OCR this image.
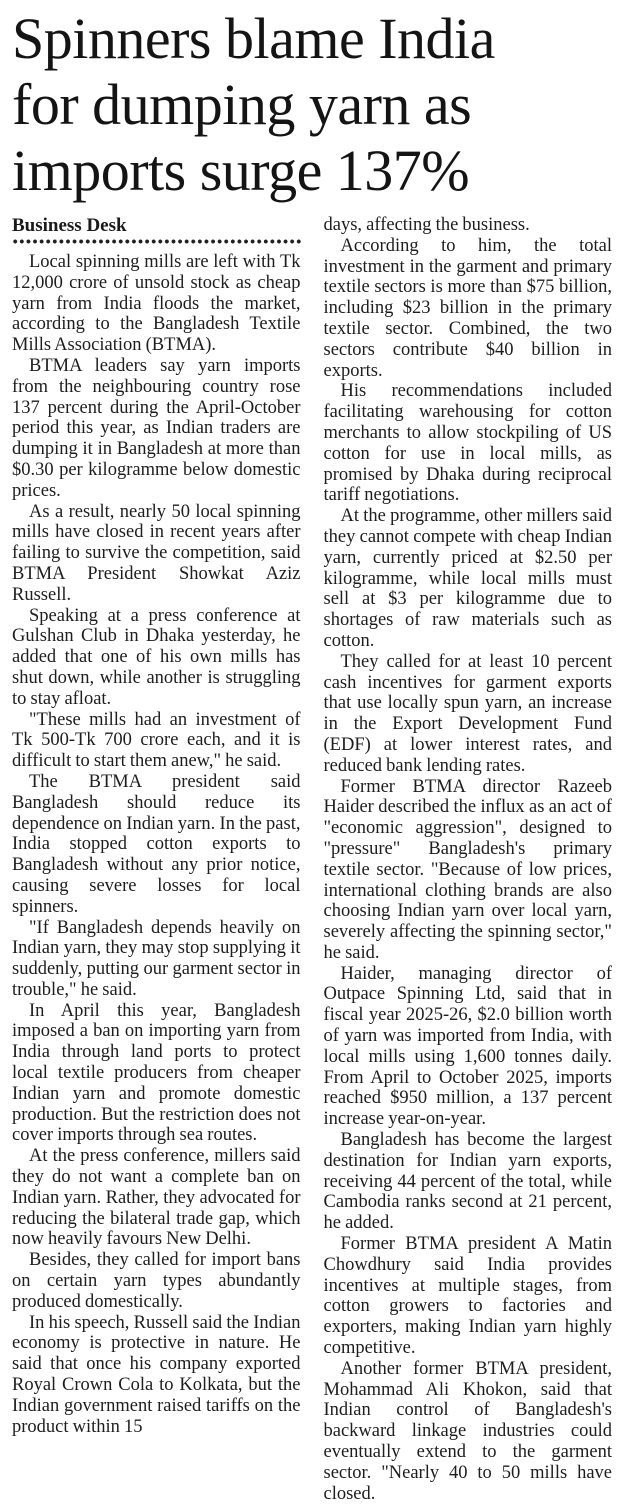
Spinners blame India
for dumping yarn as
imports surge 137%
Business Desk

Local spinning mills are left with Tk 12,000 crore of unsold stock as cheap yarn from India floods the market, according to the Bangladesh Textile Mills Association (BTMA).

BTMA leaders say yarn imports from the neighbouring country rose 137 percent during the April-October period this year, as Indian traders are dumping it in Bangladesh at more than $0.30 per kilogramme below domestic prices.

As a result, nearly 50 local spinning mills have closed in recent years after failing to survive the competition, said BTMA President Showkat Aziz Russell.

Speaking at a press conference at Gulshan Club in Dhaka yesterday, he added that one of his own mills has shut down, while another is struggling to stay afloat.

"These mills had an investment of Tk 500-Tk 700 crore each, and it is difficult to start them anew," he said.

The BTMA president said Bangladesh should reduce its dependence on Indian yarn. In the past, India stopped cotton exports to Bangladesh without any prior notice, causing severe losses for local spinners.

"If Bangladesh depends heavily on Indian yarn, they may stop supplying it suddenly, putting our garment sector in trouble," he said.

In April this year, Bangladesh imposed a ban on importing yarn from India through land ports to protect local textile producers from cheaper Indian yarn and promote domestic production. But the restriction does not cover imports through sea routes.

At the press conference, millers said they do not want a complete ban on Indian yarn. Rather, they advocated for reducing the bilateral trade gap, which now heavily favours New Delhi.

Besides, they called for import bans on certain yarn types abundantly produced domestically.

In his speech, Russell said the Indian economy is protective in nature. He said that once his company exported Royal Crown Cola to Kolkata, but the Indian government raised tariffs on the product within 15

days, affecting the business.

According to him, the total investment in the garment and primary textile sectors is more than $75 billion, including $23 billion in the primary textile sector. Combined, the two sectors contribute $40 billion in exports.

His recommendations included facilitating warehousing for cotton merchants to allow stockpiling of US cotton for use in local mills, as promised by Dhaka during reciprocal tariff negotiations.

At the programme, other millers said they cannot compete with cheap Indian yarn, currently priced at $2.50 per kilogramme, while local mills must sell at $3 per kilogramme due to shortages of raw materials such as cotton.

They called for at least 10 percent cash incentives for garment exports that use locally spun yarn, an increase in the Export Development Fund (EDF) at lower interest rates, and reduced bank lending rates.

Former BTMA director Razeeb Haider described the influx as an act of "economic aggression", designed to "pressure" Bangladesh's primary textile sector. "Because of low prices, international clothing brands are also choosing Indian yarn over local yarn, severely affecting the spinning sector," he said.

Haider, managing director of Outpace Spinning Ltd, said that in fiscal year 2025-26, $2.0 billion worth of yarn was imported from India, with local mills using 1,600 tonnes daily. From April to October 2025, imports reached $950 million, a 137 percent increase year-on-year.

Bangladesh has become the largest destination for Indian yarn exports, receiving 44 percent of the total, while Cambodia ranks second at 21 percent, he added.

Former BTMA president A Matin Chowdhury said India provides incentives at multiple stages, from cotton growers to factories and exporters, making Indian yarn highly competitive.

Another former BTMA president, Mohammad Ali Khokon, said that Indian control of Bangladesh's backward linkage industries could eventually extend to the garment sector. "Nearly 40 to 50 mills have closed.
